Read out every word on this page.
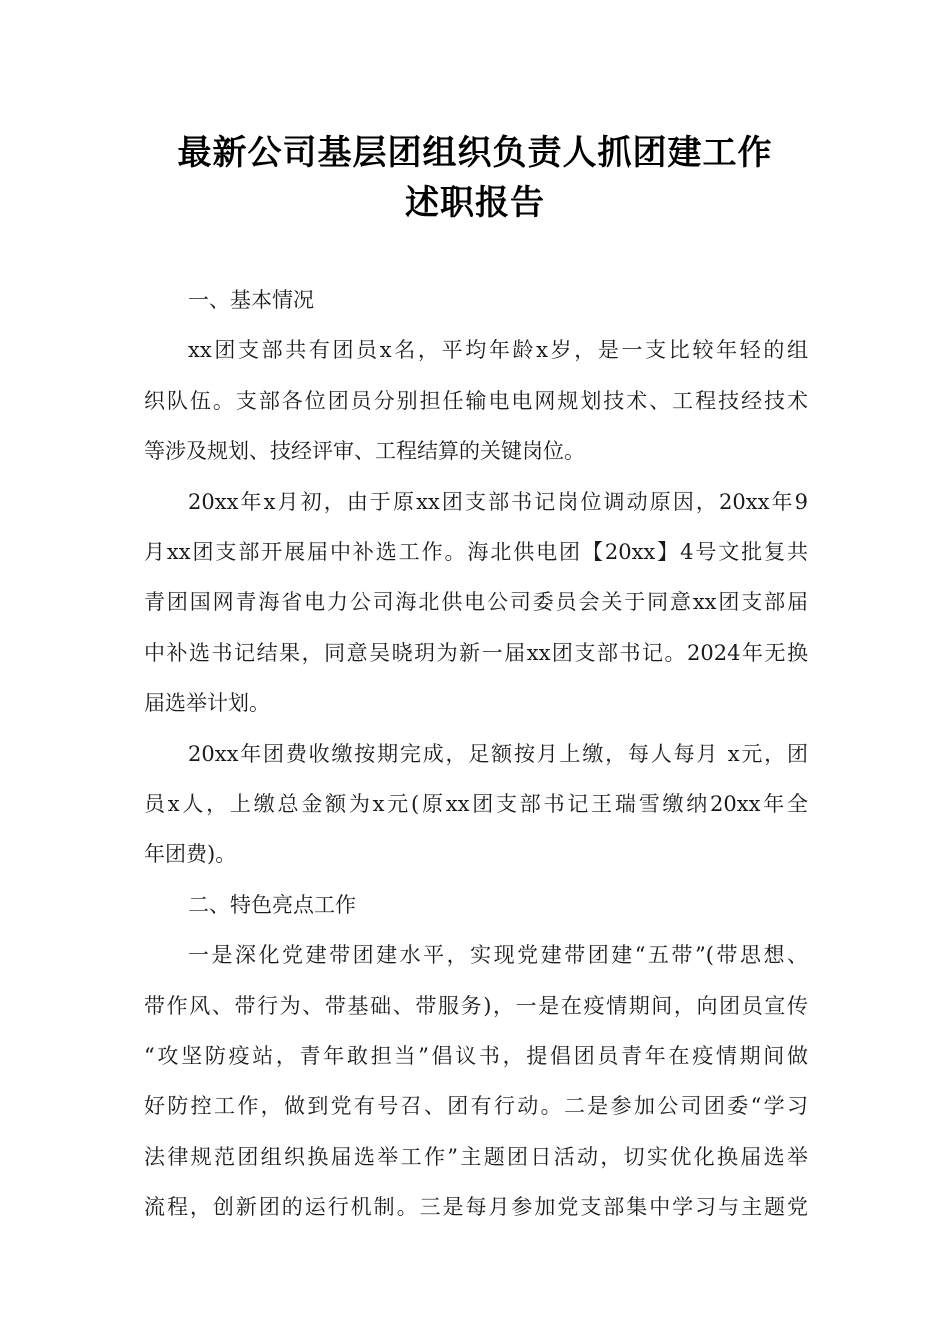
最新公司基层团组织负责人抓团建工作
述职报告
一、基本情况
xx团支部共有团员x名，平均年龄x岁，是一支比较年轻的组
织队伍。支部各位团员分别担任输电电网规划技术、工程技经技术
等涉及规划、技经评审、工程结算的关键岗位。
20xx年x月初，由于原xx团支部书记岗位调动原因，20xx年9
月xx团支部开展届中补选工作。海北供电团【20xx】4号文批复共
青团国网青海省电力公司海北供电公司委员会关于同意xx团支部届
中补选书记结果，同意吴晓玥为新一届xx团支部书记。2024年无换
届选举计划。
20xx年团费收缴按期完成，足额按月上缴，每人每月 x元，团
员x人，上缴总金额为x元(原xx团支部书记王瑞雪缴纳20xx年全
年团费)。
二、特色亮点工作
一是深化党建带团建水平，实现党建带团建“五带”(带思想、
带作风、带行为、带基础、带服务)，一是在疫情期间，向团员宣传
“攻坚防疫站，青年敢担当”倡议书，提倡团员青年在疫情期间做
好防控工作，做到党有号召、团有行动。二是参加公司团委“学习
法律规范团组织换届选举工作”主题团日活动，切实优化换届选举
流程，创新团的运行机制。三是每月参加党支部集中学习与主题党
